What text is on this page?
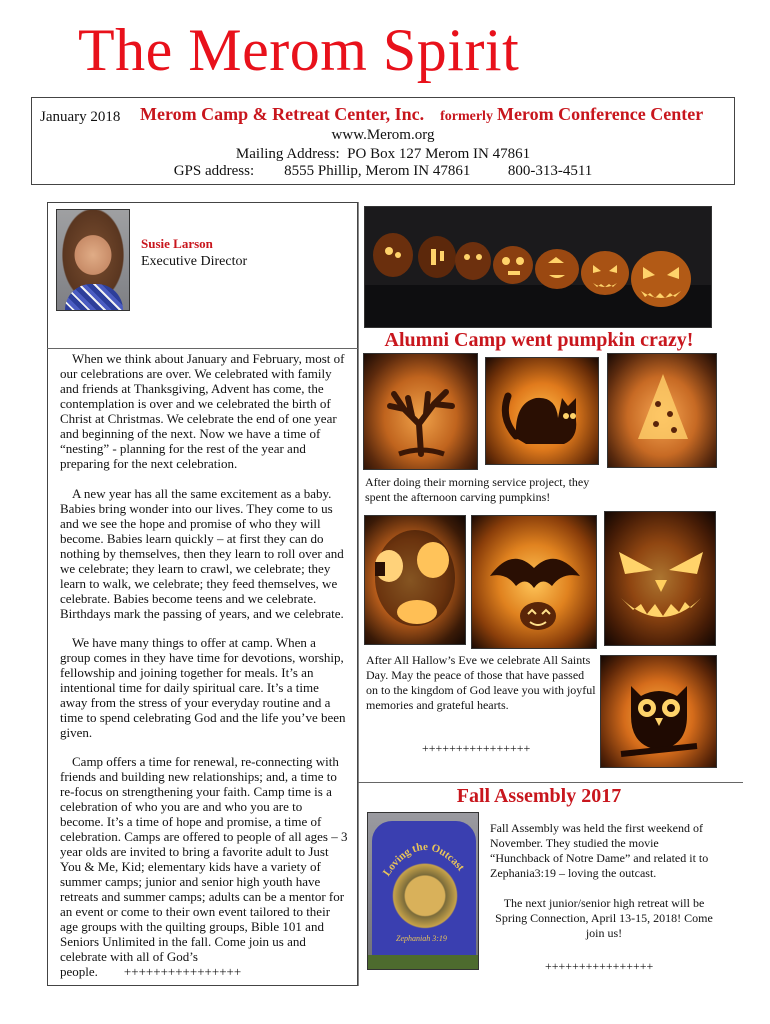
The Merom Spirit
January 2018 Merom Camp & Retreat Center, Inc. formerly Merom Conference Center
www.Merom.org
Mailing Address:  PO Box 127 Merom IN 47861
GPS address:        8555 Phillip, Merom IN 47861          800-313-4511
Susie Larson
Executive Director
When we think about January and February, most of our celebrations are over. We celebrated with family and friends at Thanksgiving, Advent has come, the contemplation is over and we celebrated the birth of Christ at Christmas. We celebrate the end of one year and beginning of the next. Now we have a time of “nesting” - planning for the rest of the year and preparing for the next celebration.
A new year has all the same excitement as a baby. Babies bring wonder into our lives. They come to us and we see the hope and promise of who they will become. Babies learn quickly – at first they can do nothing by themselves, then they learn to roll over and we celebrate; they learn to crawl, we celebrate; they learn to walk, we celebrate; they feed themselves, we celebrate. Babies become teens and we celebrate. Birthdays mark the passing of years, and we celebrate.
We have many things to offer at camp. When a group comes in they have time for devotions, worship, fellowship and joining together for meals. It’s an intentional time for daily spiritual care. It’s a time away from the stress of your everyday routine and a time to spend celebrating God and the life you’ve been given.
Camp offers a time for renewal, re-connecting with friends and building new relationships; and, a time to re-focus on strengthening your faith. Camp time is a celebration of who you are and who you are to become. It’s a time of hope and promise, a time of celebration. Camps are offered to people of all ages – 3 year olds are invited to bring a favorite adult to Just You & Me, Kid; elementary kids have a variety of summer camps; junior and senior high youth have retreats and summer camps; adults can be a mentor for an event or come to their own event tailored to their age groups with the quilting groups, Bible 101 and Seniors Unlimited in the fall. Come join us and celebrate with all of God’s people. ++++++++++++++++
Alumni Camp went pumpkin crazy!
After doing their morning service project, they spent the afternoon carving pumpkins!
After All Hallow’s Eve we celebrate All Saints Day. May the peace of those that have passed on to the kingdom of God leave you with joyful memories and grateful hearts.
++++++++++++++++
Fall Assembly 2017
Loving the Outcast
Zephaniah 3:19
Fall Assembly was held the first weekend of November. They studied the movie “Hunchback of Notre Dame” and related it to Zephania3:19 – loving the outcast.
The next junior/senior high retreat will be Spring Connection, April 13-15, 2018! Come join us!
++++++++++++++++
